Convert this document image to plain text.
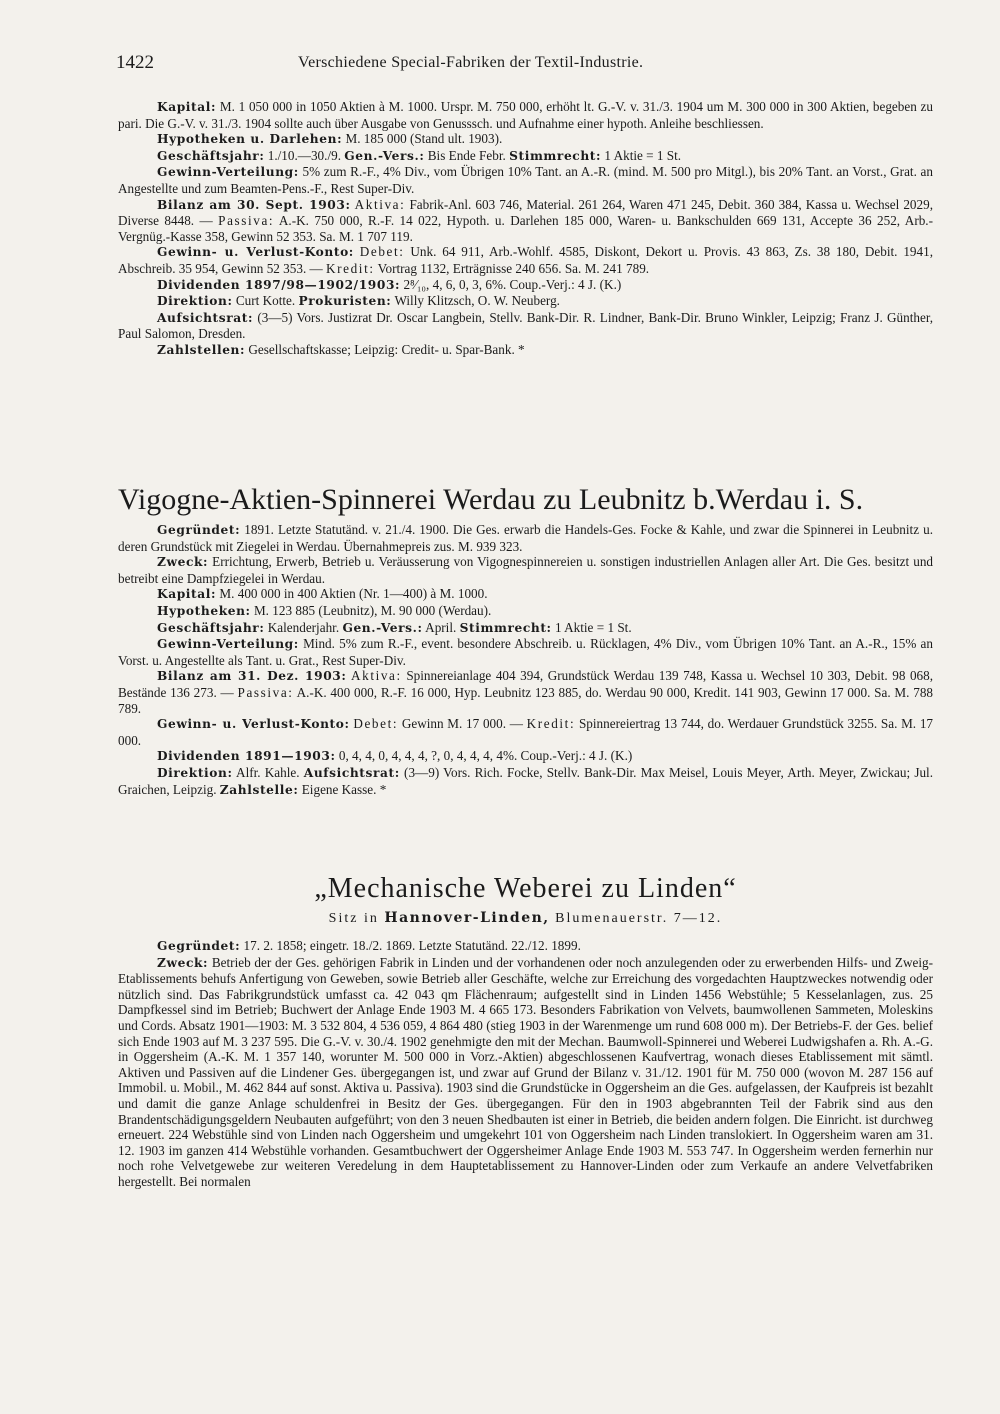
1422	Verschiedene Special-Fabriken der Textil-Industrie.

Kapital: M. 1 050 000 in 1050 Aktien à M. 1000. Urspr. M. 750 000, erhöht lt. G.-V. v. 31./3. 1904 um M. 300 000 in 300 Aktien, begeben zu pari. Die G.-V. v. 31./3. 1904 sollte auch über Ausgabe von Genusssch. und Aufnahme einer hypoth. Anleihe beschliessen.

Hypotheken u. Darlehen: M. 185 000 (Stand ult. 1903).

Geschäftsjahr: 1./10.—30./9. Gen.-Vers.: Bis Ende Febr. Stimmrecht: 1 Aktie = 1 St.

Gewinn-Verteilung: 5% zum R.-F., 4% Div., vom Übrigen 10% Tant. an A.-R. (mind. M. 500 pro Mitgl.), bis 20% Tant. an Vorst., Grat. an Angestellte und zum Beamten-Pens.-F., Rest Super-Div.

Bilanz am 30. Sept. 1903: Aktiva: Fabrik-Anl. 603 746, Material. 261 264, Waren 471 245, Debit. 360 384, Kassa u. Wechsel 2029, Diverse 8448. — Passiva: A.-K. 750 000, R.-F. 14 022, Hypoth. u. Darlehen 185 000, Waren- u. Bankschulden 669 131, Accepte 36 252, Arb.-Vergnüg.-Kasse 358, Gewinn 52 353. Sa. M. 1 707 119.

Gewinn- u. Verlust-Konto: Debet: Unk. 64 911, Arb.-Wohlf. 4585, Diskont, Dekort u. Provis. 43 863, Zs. 38 180, Debit. 1941, Abschreib. 35 954, Gewinn 52 353. — Kredit: Vortrag 1132, Erträgnisse 240 656. Sa. M. 241 789.

Dividenden 1897/98—1902/1903: 2⁸⁄₁₀, 4, 6, 0, 3, 6%. Coup.-Verj.: 4 J. (K.)

Direktion: Curt Kotte. Prokuristen: Willy Klitzsch, O. W. Neuberg.

Aufsichtsrat: (3—5) Vors. Justizrat Dr. Oscar Langbein, Stellv. Bank-Dir. R. Lindner, Bank-Dir. Bruno Winkler, Leipzig; Franz J. Günther, Paul Salomon, Dresden.

Zahlstellen: Gesellschaftskasse; Leipzig: Credit- u. Spar-Bank. *

Vigogne-Aktien-Spinnerei Werdau zu Leubnitz b.Werdau i. S.

Gegründet: 1891. Letzte Statutänd. v. 21./4. 1900. Die Ges. erwarb die Handels-Ges. Focke & Kahle, und zwar die Spinnerei in Leubnitz u. deren Grundstück mit Ziegelei in Werdau. Übernahmepreis zus. M. 939 323.

Zweck: Errichtung, Erwerb, Betrieb u. Veräusserung von Vigognespinnereien u. sonstigen industriellen Anlagen aller Art. Die Ges. besitzt und betreibt eine Dampfziegelei in Werdau.

Kapital: M. 400 000 in 400 Aktien (Nr. 1—400) à M. 1000.

Hypotheken: M. 123 885 (Leubnitz), M. 90 000 (Werdau).

Geschäftsjahr: Kalenderjahr. Gen.-Vers.: April. Stimmrecht: 1 Aktie = 1 St.

Gewinn-Verteilung: Mind. 5% zum R.-F., event. besondere Abschreib. u. Rücklagen, 4% Div., vom Übrigen 10% Tant. an A.-R., 15% an Vorst. u. Angestellte als Tant. u. Grat., Rest Super-Div.

Bilanz am 31. Dez. 1903: Aktiva: Spinnereianlage 404 394, Grundstück Werdau 139 748, Kassa u. Wechsel 10 303, Debit. 98 068, Bestände 136 273. — Passiva: A.-K. 400 000, R.-F. 16 000, Hyp. Leubnitz 123 885, do. Werdau 90 000, Kredit. 141 903, Gewinn 17 000. Sa. M. 788 789.

Gewinn- u. Verlust-Konto: Debet: Gewinn M. 17 000. — Kredit: Spinnereiertrag 13 744, do. Werdauer Grundstück 3255. Sa. M. 17 000.

Dividenden 1891—1903: 0, 4, 4, 0, 4, 4, 4, ?, 0, 4, 4, 4, 4%. Coup.-Verj.: 4 J. (K.)

Direktion: Alfr. Kahle. Aufsichtsrat: (3—9) Vors. Rich. Focke, Stellv. Bank-Dir. Max Meisel, Louis Meyer, Arth. Meyer, Zwickau; Jul. Graichen, Leipzig. Zahlstelle: Eigene Kasse. *

„Mechanische Weberei zu Linden“
Sitz in Hannover-Linden, Blumenauerstr. 7—12.

Gegründet: 17. 2. 1858; eingetr. 18./2. 1869. Letzte Statutänd. 22./12. 1899.

Zweck: Betrieb der der Ges. gehörigen Fabrik in Linden und der vorhandenen oder noch anzulegenden oder zu erwerbenden Hilfs- und Zweig-Etablissements behufs Anfertigung von Geweben, sowie Betrieb aller Geschäfte, welche zur Erreichung des vorgedachten Hauptzweckes notwendig oder nützlich sind. Das Fabrikgrundstück umfasst ca. 42 043 qm Flächenraum; aufgestellt sind in Linden 1456 Webstühle; 5 Kesselanlagen, zus. 25 Dampfkessel sind im Betrieb; Buchwert der Anlage Ende 1903 M. 4 665 173. Besonders Fabrikation von Velvets, baumwollenen Sammeten, Moleskins und Cords. Absatz 1901—1903: M. 3 532 804, 4 536 059, 4 864 480 (stieg 1903 in der Warenmenge um rund 608 000 m). Der Betriebs-F. der Ges. belief sich Ende 1903 auf M. 3 237 595. Die G.-V. v. 30./4. 1902 genehmigte den mit der Mechan. Baumwoll-Spinnerei und Weberei Ludwigshafen a. Rh. A.-G. in Oggersheim (A.-K. M. 1 357 140, worunter M. 500 000 in Vorz.-Aktien) abgeschlossenen Kaufvertrag, wonach dieses Etablissement mit sämtl. Aktiven und Passiven auf die Lindener Ges. übergegangen ist, und zwar auf Grund der Bilanz v. 31./12. 1901 für M. 750 000 (wovon M. 287 156 auf Immobil. u. Mobil., M. 462 844 auf sonst. Aktiva u. Passiva). 1903 sind die Grundstücke in Oggersheim an die Ges. aufgelassen, der Kaufpreis ist bezahlt und damit die ganze Anlage schuldenfrei in Besitz der Ges. übergegangen. Für den in 1903 abgebrannten Teil der Fabrik sind aus den Brandentschädigungsgeldern Neubauten aufgeführt; von den 3 neuen Shedbauten ist einer in Betrieb, die beiden andern folgen. Die Einricht. ist durchweg erneuert. 224 Webstühle sind von Linden nach Oggersheim und umgekehrt 101 von Oggersheim nach Linden translokiert. In Oggersheim waren am 31. 12. 1903 im ganzen 414 Webstühle vorhanden. Gesamtbuchwert der Oggersheimer Anlage Ende 1903 M. 553 747. In Oggersheim werden fernerhin nur noch rohe Velvetgewebe zur weiteren Veredelung in dem Hauptetablissement zu Hannover-Linden oder zum Verkaufe an andere Velvetfabriken hergestellt. Bei normalen
